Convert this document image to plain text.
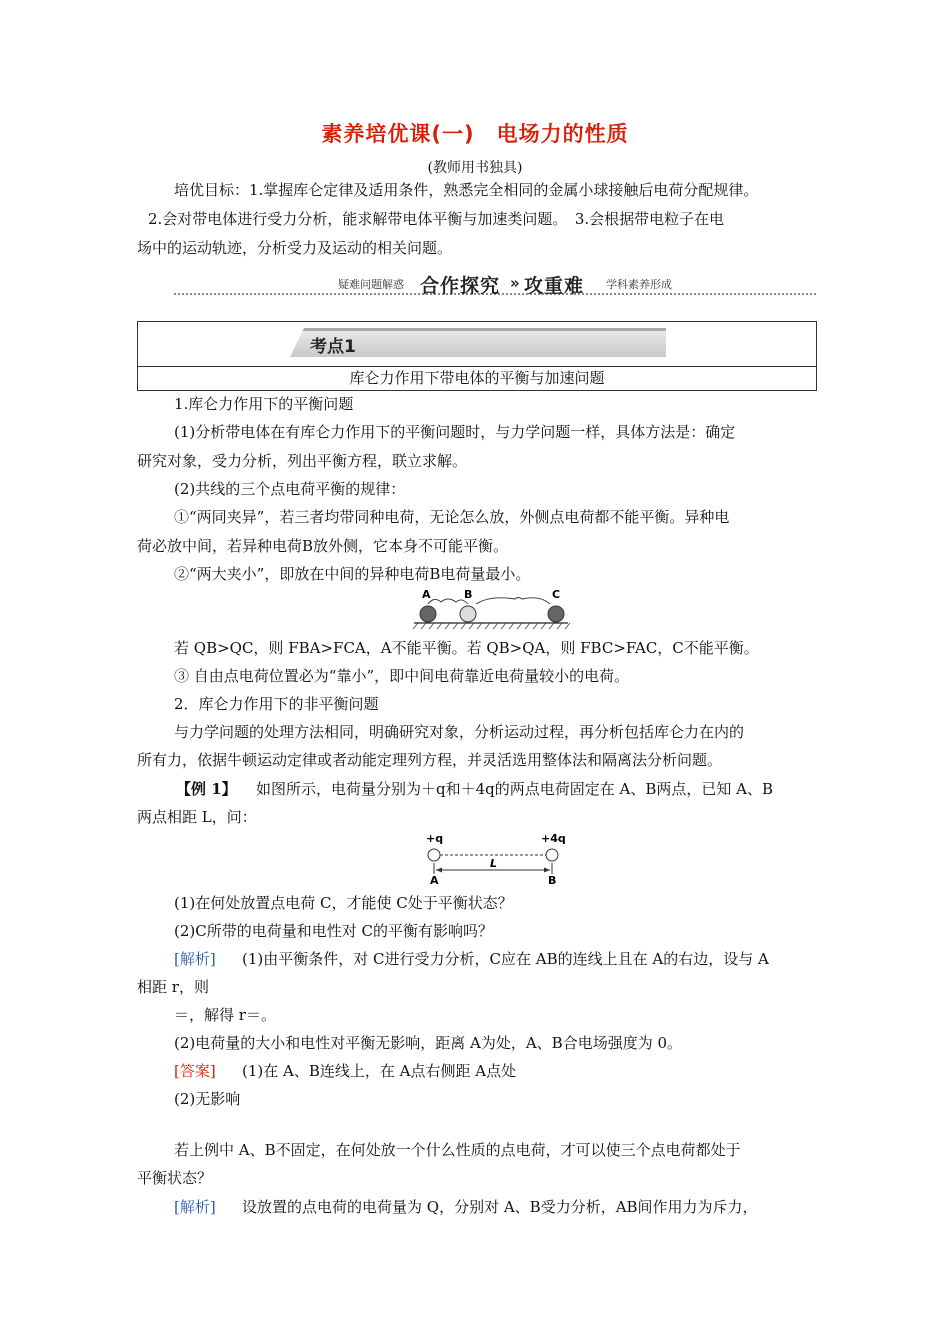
素养培优课(一)　电场力的性质
(教师用书独具)
培优目标：1.掌握库仑定律及适用条件，熟悉完全相同的金属小球接触后电荷分配规律。
2.会对带电体进行受力分析，能求解带电体平衡与加速类问题。　3.会根据带电粒子在电
场中的运动轨迹，分析受力及运动的相关问题。
疑难问题解惑 合作探究 » 攻重难 学科素养形成
考点1
库仑力作用下带电体的平衡与加速问题
1.库仑力作用下的平衡问题
(1)分析带电体在有库仑力作用下的平衡问题时，与力学问题一样，具体方法是：确定
研究对象，受力分析，列出平衡方程，联立求解。
(2)共线的三个点电荷平衡的规律：
①“两同夹异”，若三者均带同种电荷，无论怎么放，外侧点电荷都不能平衡。异种电
荷必放中间，若异种电荷B放外侧，它本身不可能平衡。
②“两大夹小”，即放在中间的异种电荷B电荷量最小。
A	B	C
若 QB>QC，则 FBA>FCA，A不能平衡。若 QB>QA，则 FBC>FAC，C不能平衡。
③ 自由点电荷位置必为“靠小”，即中间电荷靠近电荷量较小的电荷。
2．库仑力作用下的非平衡问题
与力学问题的处理方法相同，明确研究对象，分析运动过程，再分析包括库仑力在内的
所有力，依据牛顿运动定律或者动能定理列方程，并灵活选用整体法和隔离法分析问题。
【例 1】 如图所示，电荷量分别为＋q和＋4q的两点电荷固定在 A、B两点，已知 A、B
两点相距 L，问：
+q	+4q
L
A	B
(1)在何处放置点电荷 C，才能使 C处于平衡状态？
(2)C所带的电荷量和电性对 C的平衡有影响吗？
[解析] (1)由平衡条件，对 C进行受力分析，C应在 AB的连线上且在 A的右边，设与 A
相距 r，则
＝，解得 r＝。
(2)电荷量的大小和电性对平衡无影响，距离 A为处，A、B合电场强度为 0。
[答案] (1)在 A、B连线上，在 A点右侧距 A点处
(2)无影响
若上例中 A、B不固定，在何处放一个什么性质的点电荷，才可以使三个点电荷都处于
平衡状态？
[解析] 设放置的点电荷的电荷量为 Q，分别对 A、B受力分析，AB间作用力为斥力，
